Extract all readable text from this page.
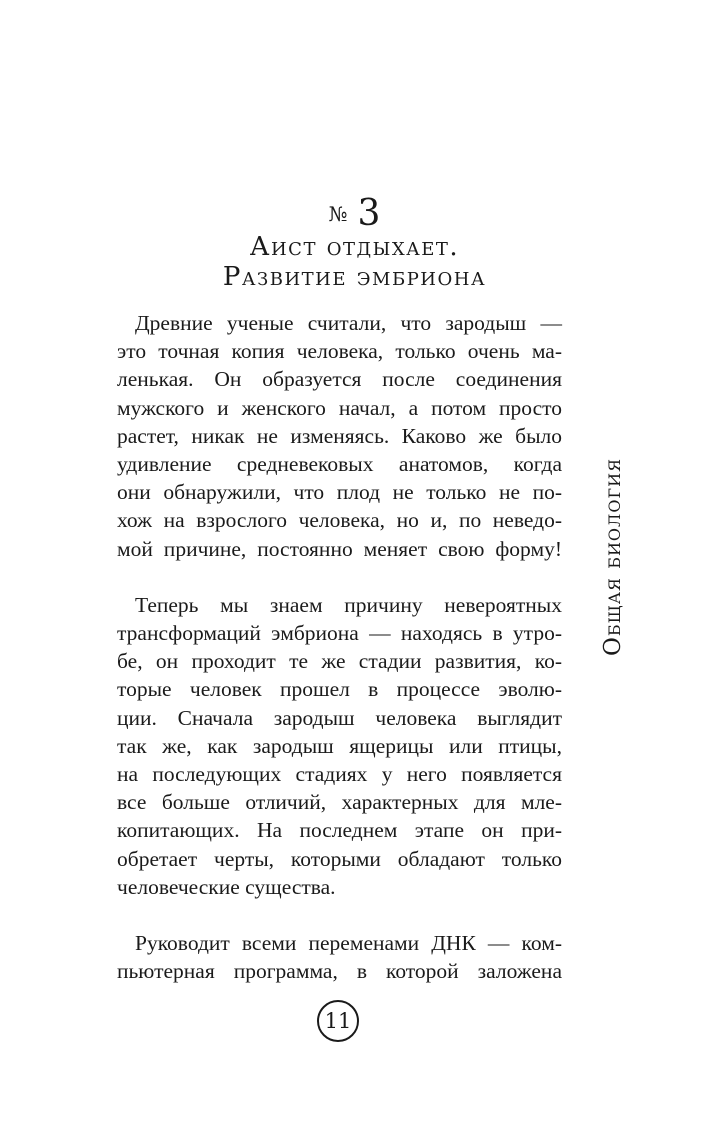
№ 3
Аист отдыхает.
Развитие эмбриона
Древние ученые считали, что зародыш —
это точная копия человека, только очень ма-
ленькая. Он образуется после соединения
мужского и женского начал, а потом просто
растет, никак не изменяясь. Каково же было
удивление средневековых анатомов, когда
они обнаружили, что плод не только не по-
хож на взрослого человека, но и, по неведо-
мой причине, постоянно меняет свою форму!
Теперь мы знаем причину невероятных
трансформаций эмбриона — находясь в утро-
бе, он проходит те же стадии развития, ко-
торые человек прошел в процессе эволю-
ции. Сначала зародыш человека выглядит
так же, как зародыш ящерицы или птицы,
на последующих стадиях у него появляется
все больше отличий, характерных для мле-
копитающих. На последнем этапе он при-
обретает черты, которыми обладают только
человеческие существа.
Руководит всеми переменами ДНК — ком-
пьютерная программа, в которой заложена
Общая биология
11
